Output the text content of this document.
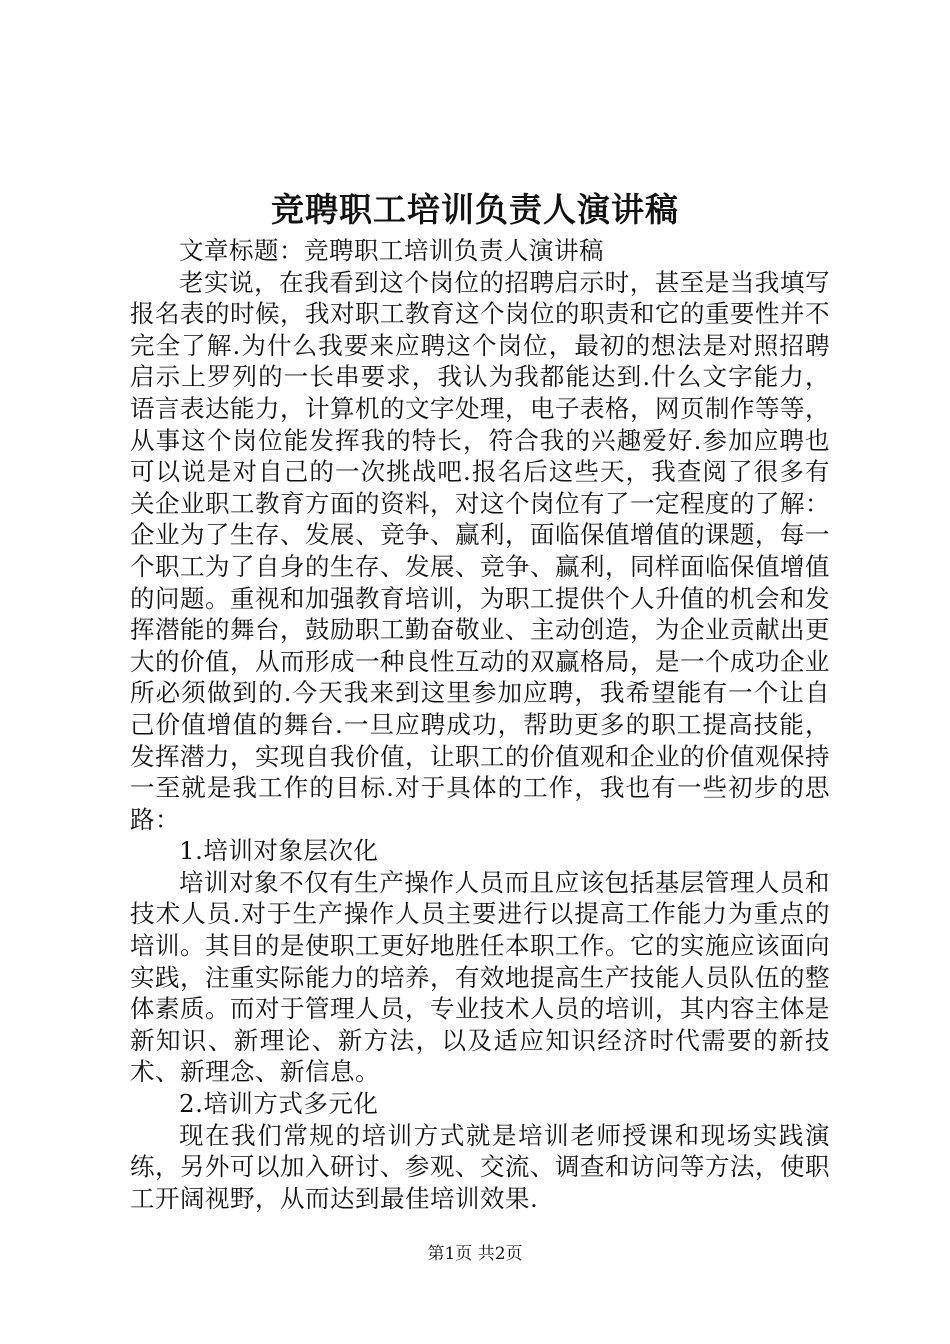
竞聘职工培训负责人演讲稿

文章标题：竞聘职工培训负责人演讲稿

老实说，在我看到这个岗位的招聘启示时，甚至是当我填写报名表的时候，我对职工教育这个岗位的职责和它的重要性并不完全了解.为什么我要来应聘这个岗位，最初的想法是对照招聘启示上罗列的一长串要求，我认为我都能达到.什么文字能力，语言表达能力，计算机的文字处理，电子表格，网页制作等等，从事这个岗位能发挥我的特长，符合我的兴趣爱好.参加应聘也可以说是对自己的一次挑战吧.报名后这些天，我查阅了很多有关企业职工教育方面的资料，对这个岗位有了一定程度的了解：企业为了生存、发展、竞争、赢利，面临保值增值的课题，每一个职工为了自身的生存、发展、竞争、赢利，同样面临保值增值的问题。重视和加强教育培训，为职工提供个人升值的机会和发挥潜能的舞台，鼓励职工勤奋敬业、主动创造，为企业贡献出更大的价值，从而形成一种良性互动的双赢格局，是一个成功企业所必须做到的.今天我来到这里参加应聘，我希望能有一个让自己价值增值的舞台.一旦应聘成功，帮助更多的职工提高技能，发挥潜力，实现自我价值，让职工的价值观和企业的价值观保持一至就是我工作的目标.对于具体的工作，我也有一些初步的思路：

1.培训对象层次化

培训对象不仅有生产操作人员而且应该包括基层管理人员和技术人员.对于生产操作人员主要进行以提高工作能力为重点的培训。其目的是使职工更好地胜任本职工作。它的实施应该面向实践，注重实际能力的培养，有效地提高生产技能人员队伍的整体素质。而对于管理人员，专业技术人员的培训，其内容主体是新知识、新理论、新方法，以及适应知识经济时代需要的新技术、新理念、新信息。

2.培训方式多元化

现在我们常规的培训方式就是培训老师授课和现场实践演练，另外可以加入研讨、参观、交流、调查和访问等方法，使职工开阔视野，从而达到最佳培训效果.

第1页 共2页
